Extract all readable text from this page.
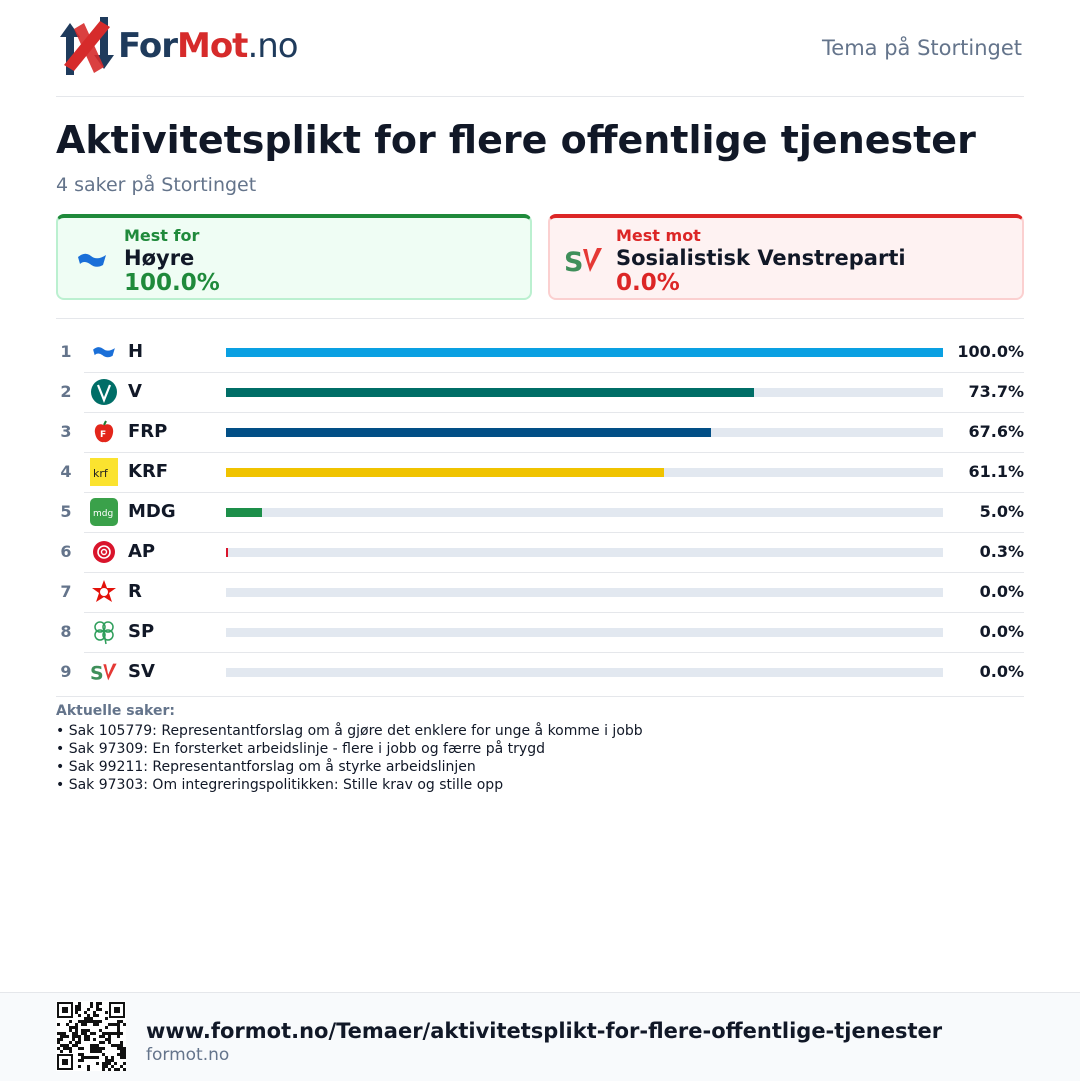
ForMot.no	Tema på Stortinget
Aktivitetsplikt for flere offentlige tjenester
4 saker på Stortinget
Mest for
Høyre
100.0%
S
Mest mot
Sosialistisk Venstreparti
0.0%
1	H	100.0%
2	V	73.7%
3	F FRP	67.6%
4	krf KRF	61.1%
5	mdg MDG	5.0%
6	AP	0.3%
7	R	0.0%
8	SP	0.0%
9 S SV	0.0%
Aktuelle saker:
• Sak 105779: Representantforslag om å gjøre det enklere for unge å komme i jobb
• Sak 97309: En forsterket arbeidslinje - flere i jobb og færre på trygd
• Sak 99211: Representantforslag om å styrke arbeidslinjen
• Sak 97303: Om integreringspolitikken: Stille krav og stille opp
www.formot.no/Temaer/aktivitetsplikt-for-flere-offentlige-tjenester
formot.no
